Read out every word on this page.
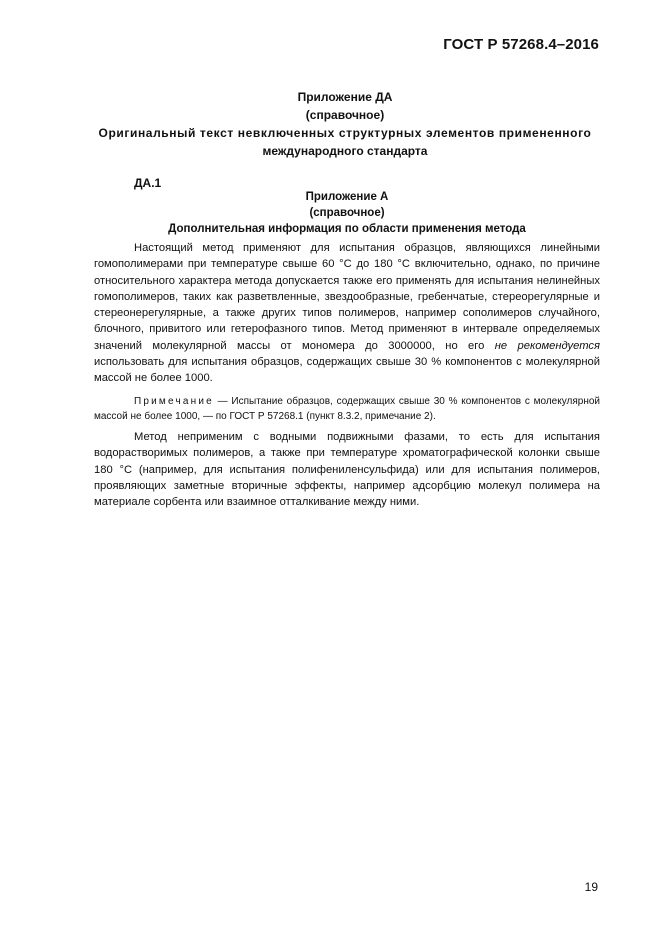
ГОСТ Р 57268.4–2016
Приложение ДА
(справочное)
Оригинальный текст невключенных структурных элементов примененного
международного стандарта
ДА.1
Приложение А
(справочное)
Дополнительная информация по области применения метода
Настоящий метод применяют для испытания образцов, являющихся линейными гомополимерами при температуре свыше 60 °С до 180 °С включительно, однако, по причине относительного характера метода допускается также его применять для испытания нелинейных гомополимеров, таких как разветвленные, звездообразные, гребенчатые, стереорегулярные и стереонерегулярные, а также других типов полимеров, например сополимеров случайного, блочного, привитого или гетерофазного типов. Метод применяют в интервале определяемых значений молекулярной массы от мономера до 3000000, но его не рекомендуется использовать для испытания образцов, содержащих свыше 30 % компонентов с молекулярной массой не более 1000.
Примечание — Испытание образцов, содержащих свыше 30 % компонентов с молекулярной массой не более 1000, — по ГОСТ Р 57268.1 (пункт 8.3.2, примечание 2).
Метод неприменим с водными подвижными фазами, то есть для испытания водорастворимых полимеров, а также при температуре хроматографической колонки свыше 180 °С (например, для испытания полифениленсульфида) или для испытания полимеров, проявляющих заметные вторичные эффекты, например адсорбцию молекул полимера на материале сорбента или взаимное отталкивание между ними.
19
